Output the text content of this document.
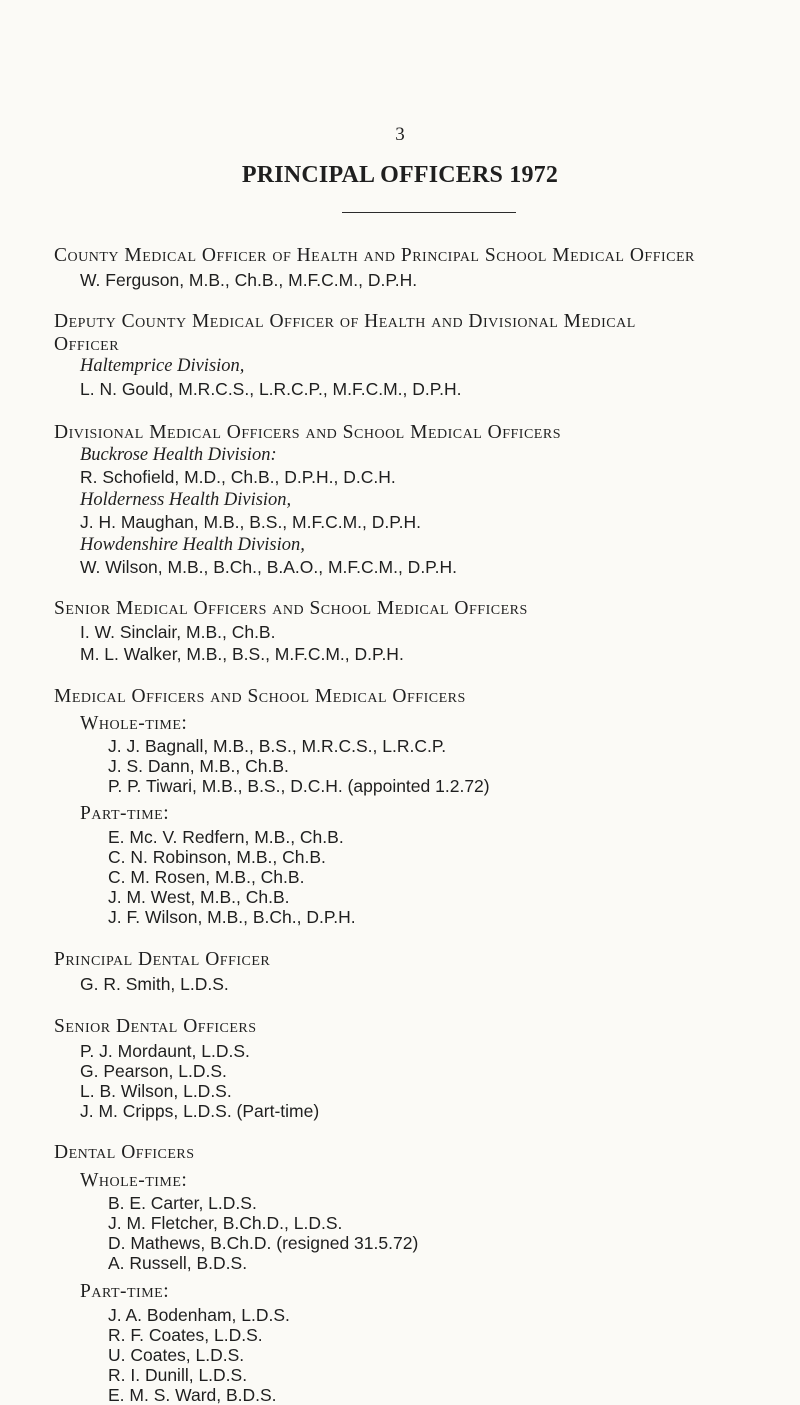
3
PRINCIPAL OFFICERS 1972
County Medical Officer of Health and Principal School Medical Officer
W. Ferguson, M.B., Ch.B., M.F.C.M., D.P.H.
Deputy County Medical Officer of Health and Divisional Medical
Officer
Haltemprice Division,
L. N. Gould, M.R.C.S., L.R.C.P., M.F.C.M., D.P.H.
Divisional Medical Officers and School Medical Officers
Buckrose Health Division:
R. Schofield, M.D., Ch.B., D.P.H., D.C.H.
Holderness Health Division,
J. H. Maughan, M.B., B.S., M.F.C.M., D.P.H.
Howdenshire Health Division,
W. Wilson, M.B., B.Ch., B.A.O., M.F.C.M., D.P.H.
Senior Medical Officers and School Medical Officers
I. W. Sinclair, M.B., Ch.B.
M. L. Walker, M.B., B.S., M.F.C.M., D.P.H.
Medical Officers and School Medical Officers
Whole-time:
J. J. Bagnall, M.B., B.S., M.R.C.S., L.R.C.P.
J. S. Dann, M.B., Ch.B.
P. P. Tiwari, M.B., B.S., D.C.H. (appointed 1.2.72)
Part-time:
E. Mc. V. Redfern, M.B., Ch.B.
C. N. Robinson, M.B., Ch.B.
C. M. Rosen, M.B., Ch.B.
J. M. West, M.B., Ch.B.
J. F. Wilson, M.B., B.Ch., D.P.H.
Principal Dental Officer
G. R. Smith, L.D.S.
Senior Dental Officers
P. J. Mordaunt, L.D.S.
G. Pearson, L.D.S.
L. B. Wilson, L.D.S.
J. M. Cripps, L.D.S. (Part-time)
Dental Officers
Whole-time:
B. E. Carter, L.D.S.
J. M. Fletcher, B.Ch.D., L.D.S.
D. Mathews, B.Ch.D. (resigned 31.5.72)
A. Russell, B.D.S.
Part-time:
J. A. Bodenham, L.D.S.
R. F. Coates, L.D.S.
U. Coates, L.D.S.
R. I. Dunill, L.D.S.
E. M. S. Ward, B.D.S.
